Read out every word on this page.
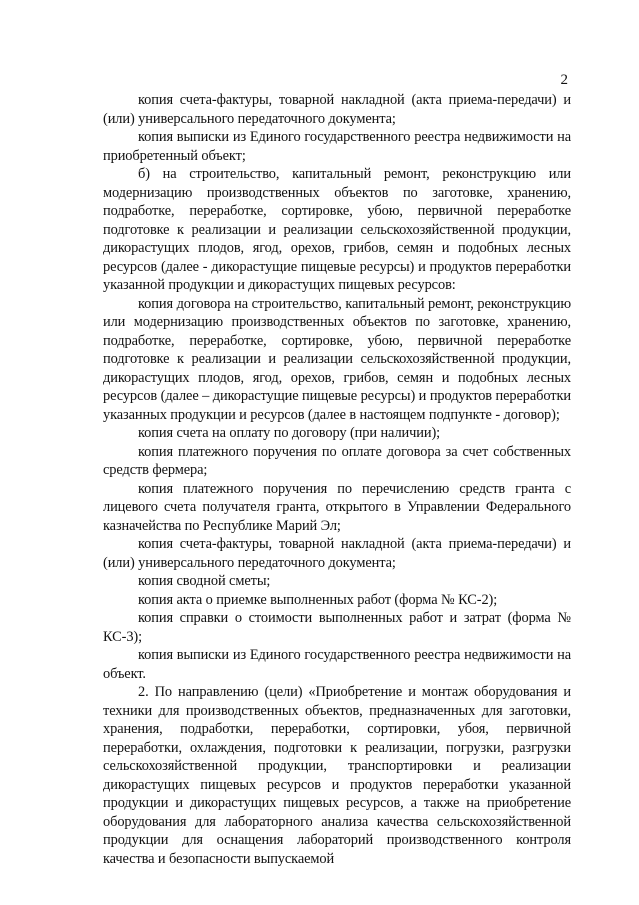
2

копия счета-фактуры, товарной накладной (акта приема-передачи) и (или) универсального передаточного документа;

копия выписки из Единого государственного реестра недвижимости на приобретенный объект;

б) на строительство, капитальный ремонт, реконструкцию или модернизацию производственных объектов по заготовке, хранению, подработке, переработке, сортировке, убою, первичной переработке подготовке к реализации и реализации сельскохозяйственной продукции, дикорастущих плодов, ягод, орехов, грибов, семян и подобных лесных ресурсов (далее - дикорастущие пищевые ресурсы) и продуктов переработки указанной продукции и дикорастущих пищевых ресурсов:

копия договора на строительство, капитальный ремонт, реконструкцию или модернизацию производственных объектов по заготовке, хранению, подработке, переработке, сортировке, убою, первичной переработке подготовке к реализации и реализации сельскохозяйственной продукции, дикорастущих плодов, ягод, орехов, грибов, семян и подобных лесных ресурсов (далее – дикорастущие пищевые ресурсы) и продуктов переработки указанных продукции и ресурсов (далее в настоящем подпункте - договор);

копия счета на оплату по договору (при наличии);

копия платежного поручения по оплате договора за счет собственных средств фермера;

копия платежного поручения по перечислению средств гранта с лицевого счета получателя гранта, открытого в Управлении Федерального казначейства по Республике Марий Эл;

копия счета-фактуры, товарной накладной (акта приема-передачи) и (или) универсального передаточного документа;

копия сводной сметы;

копия акта о приемке выполненных работ (форма № КС-2);

копия справки о стоимости выполненных работ и затрат (форма № КС-3);

копия выписки из Единого государственного реестра недвижимости на объект.

2. По направлению (цели) «Приобретение и монтаж оборудования и техники для производственных объектов, предназначенных для заготовки, хранения, подработки, переработки, сортировки, убоя, первичной переработки, охлаждения, подготовки к реализации, погрузки, разгрузки сельскохозяйственной продукции, транспортировки и реализации дикорастущих пищевых ресурсов и продуктов переработки указанной продукции и дикорастущих пищевых ресурсов, а также на приобретение оборудования для лабораторного анализа качества сельскохозяйственной продукции для оснащения лабораторий производственного контроля качества и безопасности выпускаемой
